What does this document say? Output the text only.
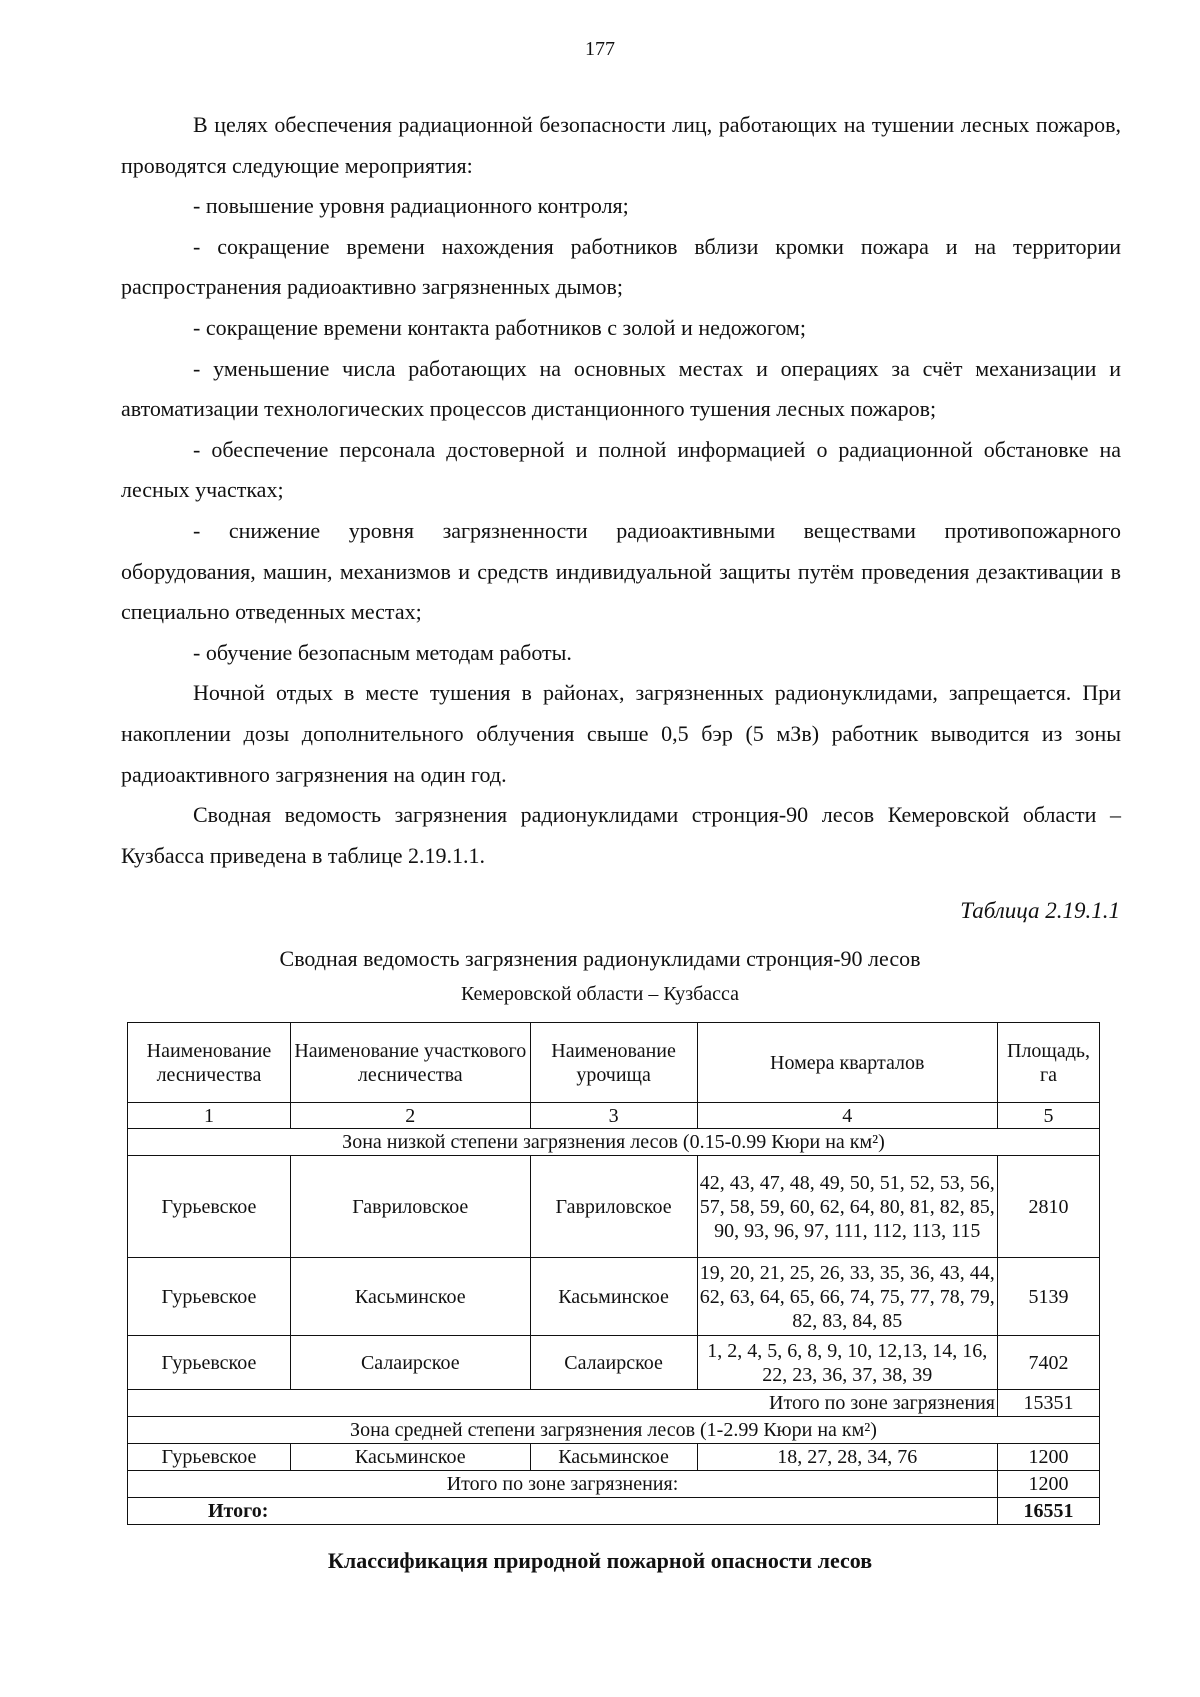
177

В целях обеспечения радиационной безопасности лиц, работающих на тушении лесных пожаров, проводятся следующие мероприятия:

- повышение уровня радиационного контроля;

- сокращение времени нахождения работников вблизи кромки пожара и на территории распространения радиоактивно загрязненных дымов;

- сокращение времени контакта работников с золой и недожогом;

- уменьшение числа работающих на основных местах и операциях за счёт механизации и автоматизации технологических процессов дистанционного тушения лесных пожаров;

- обеспечение персонала достоверной и полной информацией о радиационной обстановке на лесных участках;

- снижение уровня загрязненности радиоактивными веществами противопожарного оборудования, машин, механизмов и средств индивидуальной защиты путём проведения дезактивации в специально отведенных местах;

- обучение безопасным методам работы.

Ночной отдых в месте тушения в районах, загрязненных радионуклидами, запрещается. При накоплении дозы дополнительного облучения свыше 0,5 бэр (5 мЗв) работник выводится из зоны радиоактивного загрязнения на один год.

Сводная ведомость загрязнения радионуклидами стронция-90 лесов Кемеровской области – Кузбасса приведена в таблице 2.19.1.1.

Таблица 2.19.1.1
Сводная ведомость загрязнения радионуклидами стронция-90 лесов
Кемеровской области – Кузбасса
Наименование лесничества	Наименование участкового лесничества	Наименование урочища	Номера кварталов	Площадь, га
1	2	3	4	5
Зона низкой степени загрязнения лесов (0.15-0.99 Кюри на км²)				
Гурьевское	Гавриловское	Гавриловское	42, 43, 47, 48, 49, 50, 51, 52, 53, 56, 57, 58, 59, 60, 62, 64, 80, 81, 82, 85, 90, 93, 96, 97, 111, 112, 113, 115	2810
Гурьевское	Касьминское	Касьминское	19, 20, 21, 25, 26, 33, 35, 36, 43, 44, 62, 63, 64, 65, 66, 74, 75, 77, 78, 79, 82, 83, 84, 85	5139
Гурьевское	Салаирское	Салаирское	1, 2, 4, 5, 6, 8, 9, 10, 12,13, 14, 16, 22, 23, 36, 37, 38, 39	7402
Итого по зоне загрязнения				15351
Зона средней степени загрязнения лесов (1-2.99 Кюри на км²)				
Гурьевское	Касьминское	Касьминское	18, 27, 28, 34, 76	1200
Итого по зоне загрязнения:				1200
Итого:				16551
Классификация природной пожарной опасности лесов
